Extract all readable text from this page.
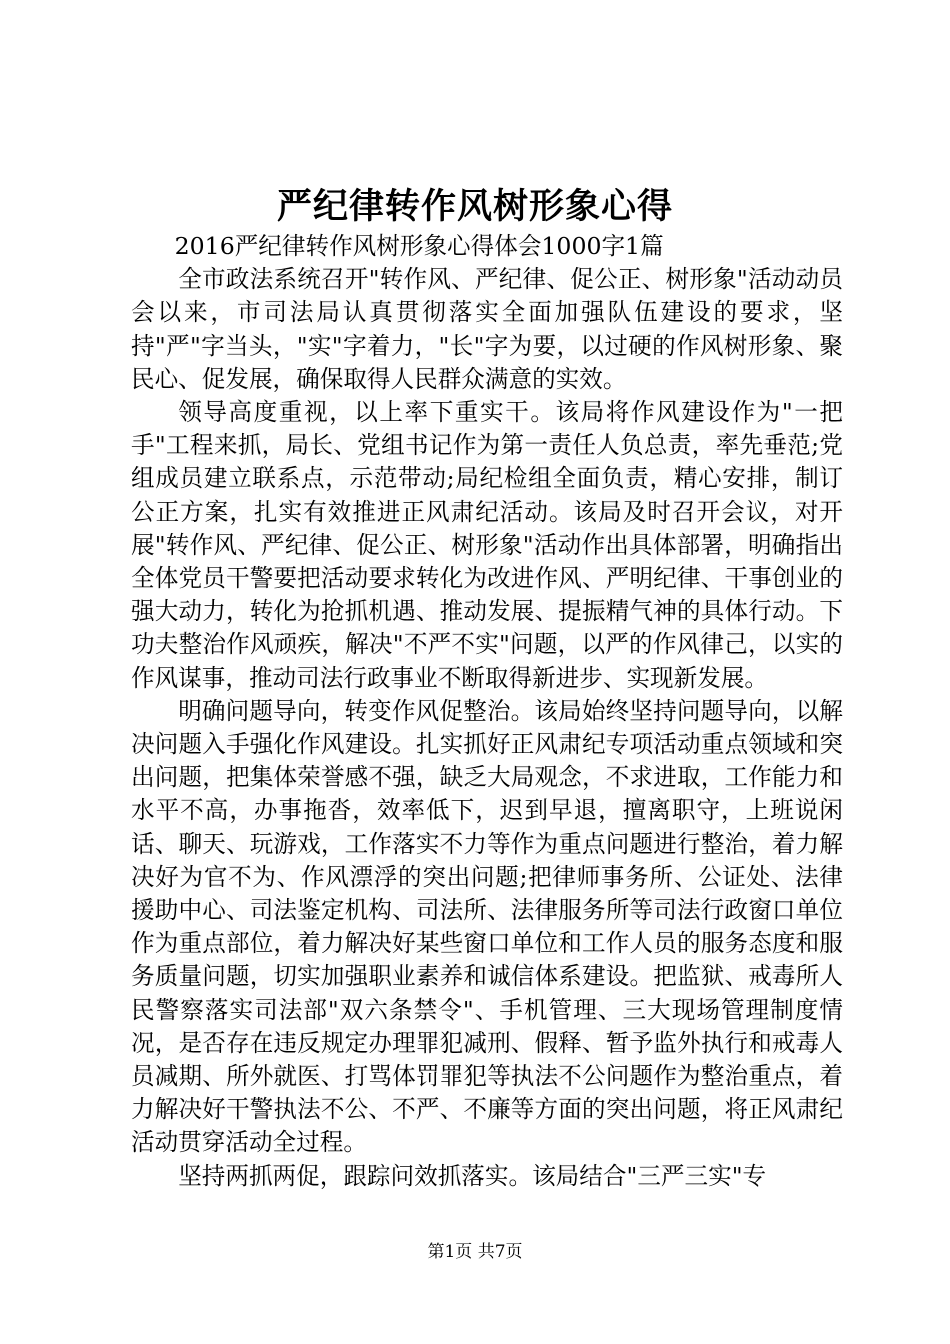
严纪律转作风树形象心得

2016严纪律转作风树形象心得体会1000字1篇

全市政法系统召开"转作风、严纪律、促公正、树形象"活动动员会以来，市司法局认真贯彻落实全面加强队伍建设的要求，坚持"严"字当头，"实"字着力，"长"字为要，以过硬的作风树形象、聚民心、促发展，确保取得人民群众满意的实效。

领导高度重视，以上率下重实干。该局将作风建设作为"一把手"工程来抓，局长、党组书记作为第一责任人负总责，率先垂范;党组成员建立联系点，示范带动;局纪检组全面负责，精心安排，制订公正方案，扎实有效推进正风肃纪活动。该局及时召开会议，对开展"转作风、严纪律、促公正、树形象"活动作出具体部署，明确指出全体党员干警要把活动要求转化为改进作风、严明纪律、干事创业的强大动力，转化为抢抓机遇、推动发展、提振精气神的具体行动。下功夫整治作风顽疾，解决"不严不实"问题，以严的作风律己，以实的作风谋事，推动司法行政事业不断取得新进步、实现新发展。

明确问题导向，转变作风促整治。该局始终坚持问题导向，以解决问题入手强化作风建设。扎实抓好正风肃纪专项活动重点领域和突出问题，把集体荣誉感不强，缺乏大局观念，不求进取，工作能力和水平不高，办事拖沓，效率低下，迟到早退，擅离职守，上班说闲话、聊天、玩游戏，工作落实不力等作为重点问题进行整治，着力解决好为官不为、作风漂浮的突出问题;把律师事务所、公证处、法律援助中心、司法鉴定机构、司法所、法律服务所等司法行政窗口单位作为重点部位，着力解决好某些窗口单位和工作人员的服务态度和服务质量问题，切实加强职业素养和诚信体系建设。把监狱、戒毒所人民警察落实司法部"双六条禁令"、手机管理、三大现场管理制度情况，是否存在违反规定办理罪犯减刑、假释、暂予监外执行和戒毒人员减期、所外就医、打骂体罚罪犯等执法不公问题作为整治重点，着力解决好干警执法不公、不严、不廉等方面的突出问题，将正风肃纪活动贯穿活动全过程。

坚持两抓两促，跟踪问效抓落实。该局结合"三严三实"专

第1页 共7页
